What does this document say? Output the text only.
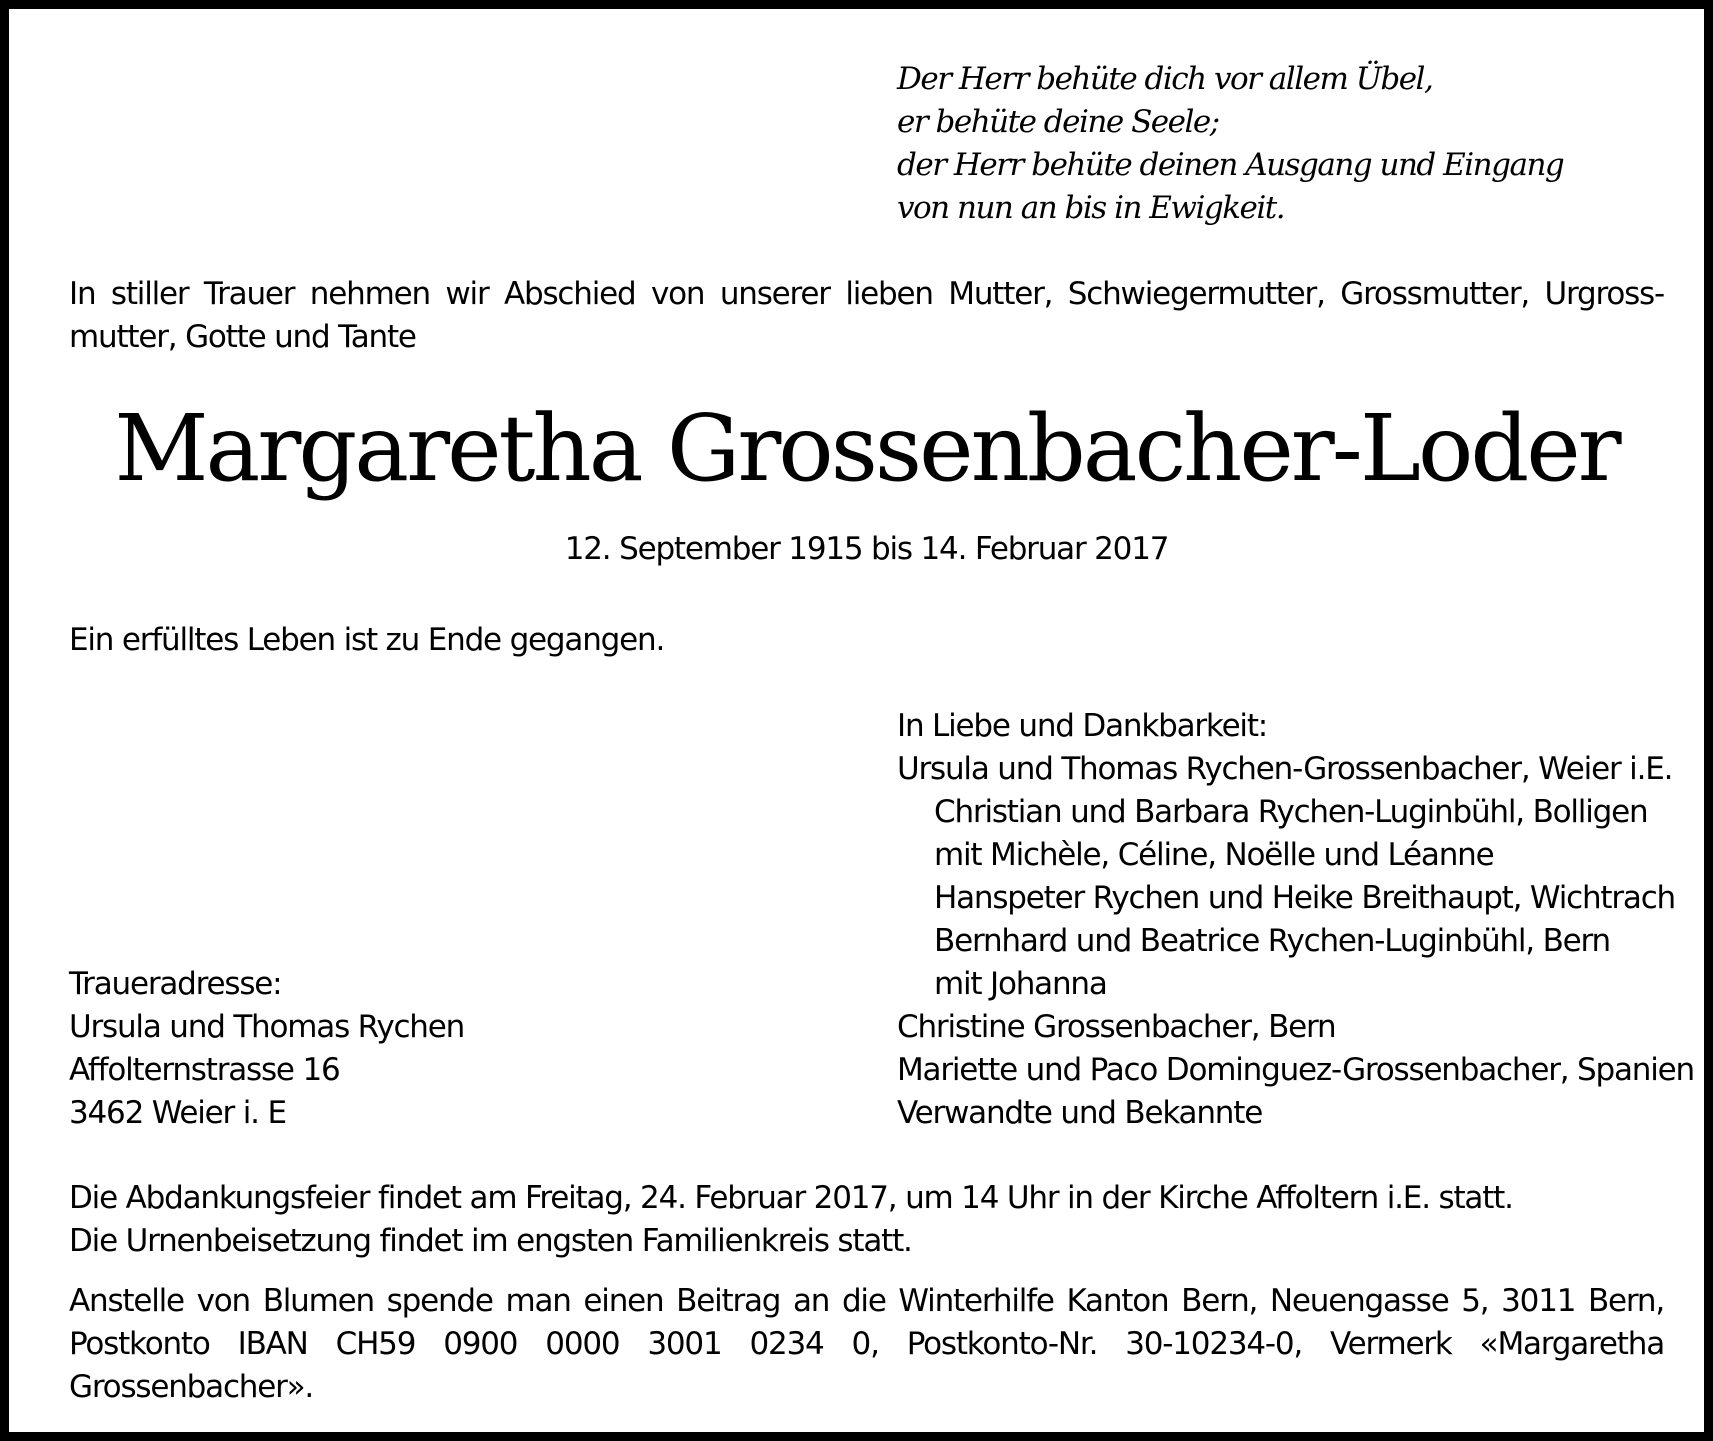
Der Herr behüte dich vor allem Übel,
er behüte deine Seele;
der Herr behüte deinen Ausgang und Eingang
von nun an bis in Ewigkeit.
In stiller Trauer nehmen wir Abschied von unserer lieben Mutter, Schwiegermutter, Grossmutter, Urgross-
mutter, Gotte und Tante
Margaretha Grossenbacher-Loder
12. September 1915 bis 14. Februar 2017
Ein erfülltes Leben ist zu Ende gegangen.
In Liebe und Dankbarkeit:
Ursula und Thomas Rychen-Grossenbacher, Weier i.E.
Christian und Barbara Rychen-Luginbühl, Bolligen
mit Michèle, Céline, Noëlle und Léanne
Hanspeter Rychen und Heike Breithaupt, Wichtrach
Bernhard und Beatrice Rychen-Luginbühl, Bern
mit Johanna
Christine Grossenbacher, Bern
Mariette und Paco Dominguez-Grossenbacher, Spanien
Verwandte und Bekannte
Traueradresse:
Ursula und Thomas Rychen
Affolternstrasse 16
3462 Weier i. E
Die Abdankungsfeier findet am Freitag, 24. Februar 2017, um 14 Uhr in der Kirche Affoltern i.E. statt.
Die Urnenbeisetzung findet im engsten Familienkreis statt.
Anstelle von Blumen spende man einen Beitrag an die Winterhilfe Kanton Bern, Neuengasse 5, 3011 Bern,
Postkonto IBAN CH59 0900 0000 3001 0234 0, Postkonto-Nr. 30-10234-0, Vermerk «Margaretha
Grossenbacher».
